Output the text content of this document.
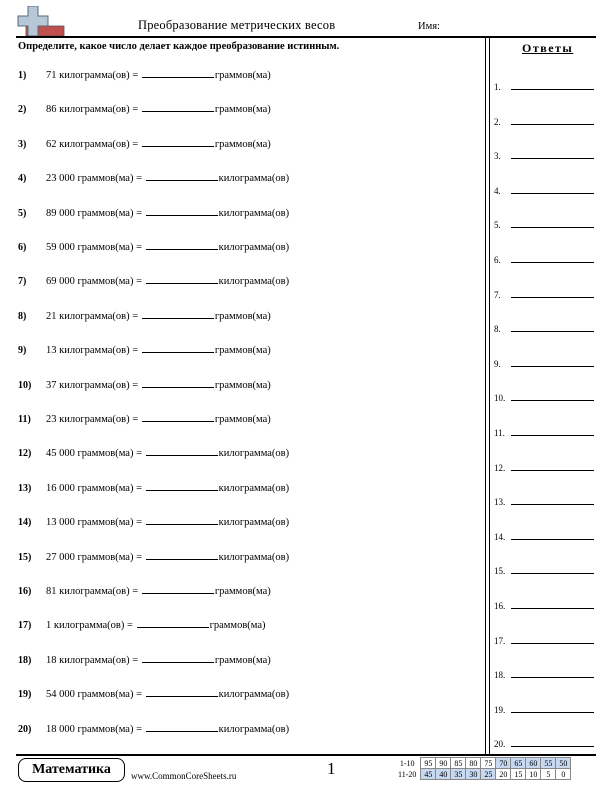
Преобразование метрических весов	Имя:
Определите, какое число делает каждое преобразование истинным.
1) 71 килограмма(ов) =	граммов(ма)
2) 86 килограмма(ов) =	граммов(ма)
3) 62 килограмма(ов) =	граммов(ма)
4) 23 000 граммов(ма) =	килограмма(ов)
5) 89 000 граммов(ма) =	килограмма(ов)
6) 59 000 граммов(ма) =	килограмма(ов)
7) 69 000 граммов(ма) =	килограмма(ов)
8) 21 килограмма(ов) =	граммов(ма)
9) 13 килограмма(ов) =	граммов(ма)
10) 37 килограмма(ов) =	граммов(ма)
11) 23 килограмма(ов) =	граммов(ма)
12) 45 000 граммов(ма) =	килограмма(ов)
13) 16 000 граммов(ма) =	килограмма(ов)
14) 13 000 граммов(ма) =	килограмма(ов)
15) 27 000 граммов(ма) =	килограмма(ов)
16) 81 килограмма(ов) =	граммов(ма)
17) 1 килограмма(ов) =	граммов(ма)
18) 18 килограмма(ов) =	граммов(ма)
19) 54 000 граммов(ма) =	килограмма(ов)
20) 18 000 граммов(ма) =	килограмма(ов)
Ответы
1.
2.
3.
4.
5.
6.
7.
8.
9.
10.
11.
12.
13.
14.
15.
16.
17.
18.
19.
20.
Математика	www.CommonCoreSheets.ru	1	1-10	95	90	85	80	75	70	65	60	55	50
11-20	45	40	35	30	25	20	15	10	5	0
